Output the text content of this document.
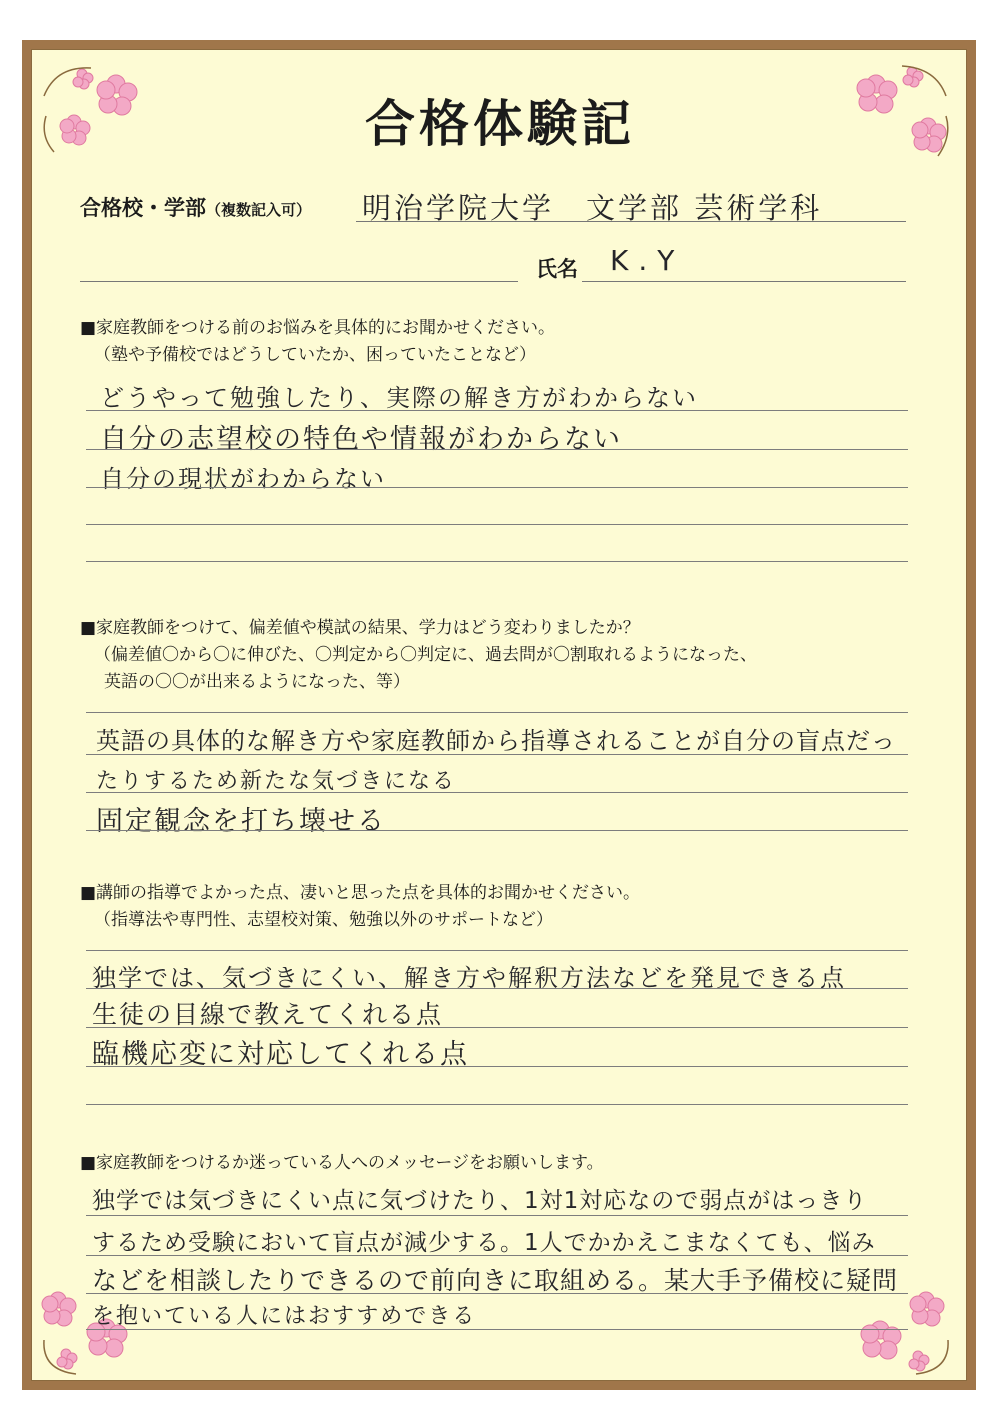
合格体験記
合格校・学部（複数記入可） 明治学院大学　文学部 芸術学科
氏名 K.Y
■家庭教師をつける前のお悩みを具体的にお聞かせください。
（塾や予備校ではどうしていたか、困っていたことなど）
どうやって勉強したり、実際の解き方がわからない
自分の志望校の特色や情報がわからない
自分の現状がわからない
■家庭教師をつけて、偏差値や模試の結果、学力はどう変わりましたか？
（偏差値〇から〇に伸びた、〇判定から〇判定に、過去問が〇割取れるようになった、
英語の〇〇が出来るようになった、等）
英語の具体的な解き方や家庭教師から指導されることが自分の盲点だっ
たりするため新たな気づきになる
固定観念を打ち壊せる
■講師の指導でよかった点、凄いと思った点を具体的お聞かせください。
（指導法や専門性、志望校対策、勉強以外のサポートなど）
独学では、気づきにくい、解き方や解釈方法などを発見できる点
生徒の目線で教えてくれる点
臨機応変に対応してくれる点
■家庭教師をつけるか迷っている人へのメッセージをお願いします。
独学では気づきにくい点に気づけたり、1対1対応なので弱点がはっきり
するため受験において盲点が減少する。1人でかかえこまなくても、悩み
などを相談したりできるので前向きに取組める。某大手予備校に疑問
を抱いている人にはおすすめできる
